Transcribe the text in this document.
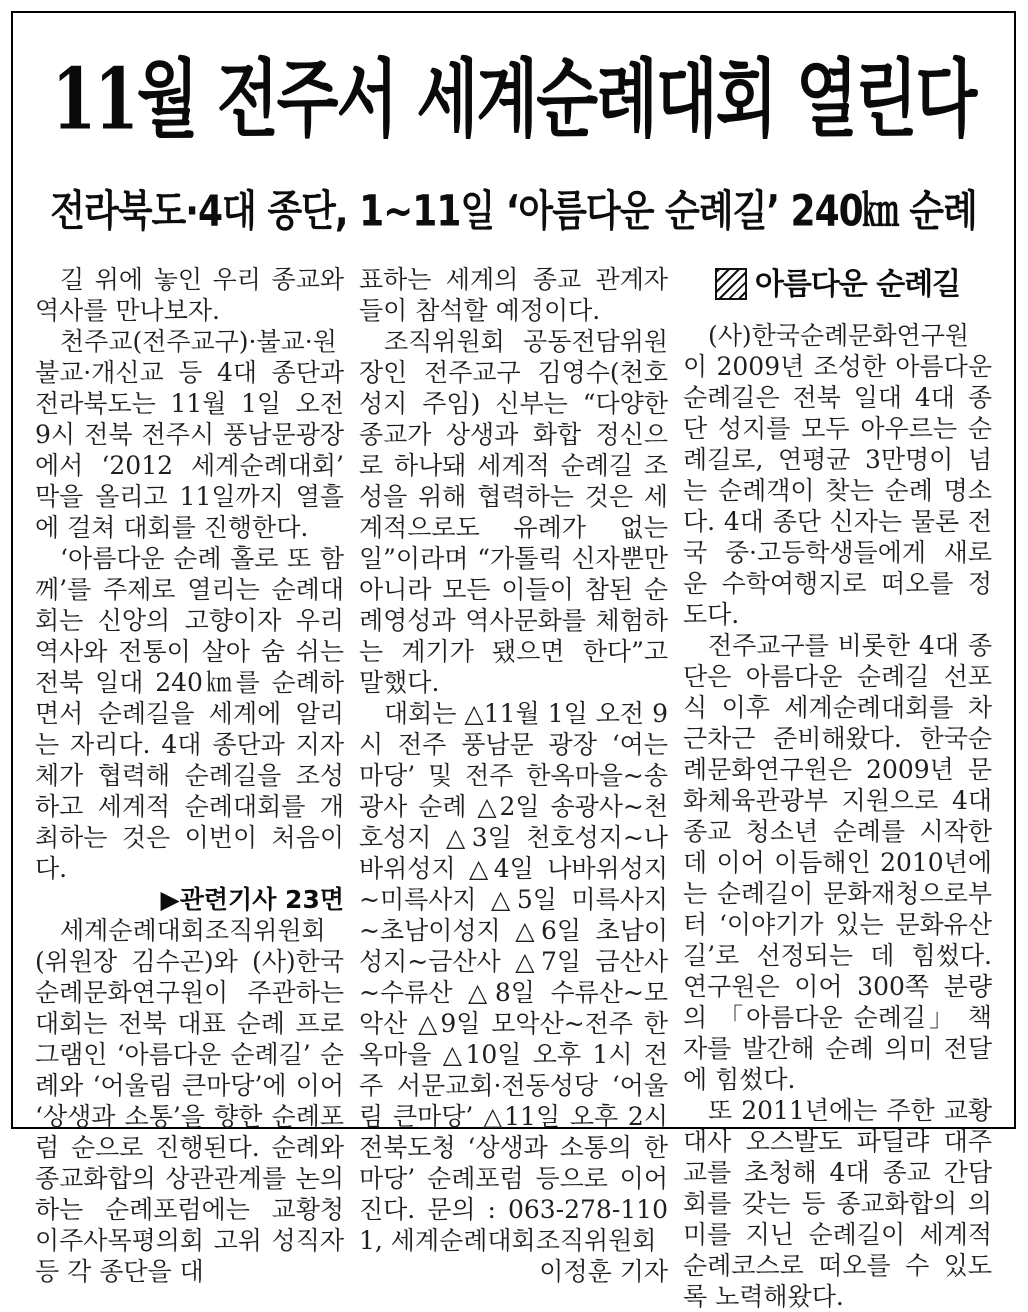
11월 전주서 세계순례대회 열린다
전라북도·4대 종단, 1~11일 ‘아름다운 순례길’ 240㎞ 순례

길 위에 놓인 우리 종교와 역사를 만나보자.

천주교(전주교구)·불교·원불교·개신교 등 4대 종단과 전라북도는 11월 1일 오전 9시 전북 전주시 풍남문광장에서 ‘2012 세계순례대회’ 막을 올리고 11일까지 열흘에 걸쳐 대회를 진행한다.

‘아름다운 순례 홀로 또 함께’를 주제로 열리는 순례대회는 신앙의 고향이자 우리 역사와 전통이 살아 숨 쉬는 전북 일대 240㎞를 순례하면서 순례길을 세계에 알리는 자리다. 4대 종단과 지자체가 협력해 순례길을 조성하고 세계적 순례대회를 개최하는 것은 이번이 처음이다.

▶관련기사 23면

세계순례대회조직위원회(위원장 김수곤)와 (사)한국순례문화연구원이 주관하는 대회는 전북 대표 순례 프로그램인 ‘아름다운 순례길’ 순례와 ‘어울림 큰마당’에 이어 ‘상생과 소통’을 향한 순례포럼 순으로 진행된다. 순례와 종교화합의 상관관계를 논의하는 순례포럼에는 교황청 이주사목평의회 고위 성직자 등 각 종단을 대

표하는 세계의 종교 관계자들이 참석할 예정이다.

조직위원회 공동전담위원장인 전주교구 김영수(천호성지 주임) 신부는 “다양한 종교가 상생과 화합 정신으로 하나돼 세계적 순례길 조성을 위해 협력하는 것은 세계적으로도 유례가 없는 일”이라며 “가톨릭 신자뿐만 아니라 모든 이들이 참된 순례영성과 역사문화를 체험하는 계기가 됐으면 한다”고 말했다.

대회는 △11월 1일 오전 9시 전주 풍남문 광장 ‘여는 마당’ 및 전주 한옥마을~송광사 순례 △2일 송광사~천호성지 △3일 천호성지~나바위성지 △4일 나바위성지~미륵사지 △5일 미륵사지~초남이성지 △6일 초남이성지~금산사 △7일 금산사~수류산 △8일 수류산~모악산 △9일 모악산~전주 한옥마을 △10일 오후 1시 전주 서문교회·전동성당 ‘어울림 큰마당’ △11일 오후 2시 전북도청 ‘상생과 소통의 한마당’ 순례포럼 등으로 이어진다. 문의 : 063-278-1101, 세계순례대회조직위원회

이정훈 기자

아름다운 순례길

(사)한국순례문화연구원이 2009년 조성한 아름다운 순례길은 전북 일대 4대 종단 성지를 모두 아우르는 순례길로, 연평균 3만명이 넘는 순례객이 찾는 순례 명소다. 4대 종단 신자는 물론 전국 중·고등학생들에게 새로운 수학여행지로 떠오를 정도다.

전주교구를 비롯한 4대 종단은 아름다운 순례길 선포식 이후 세계순례대회를 차근차근 준비해왔다. 한국순례문화연구원은 2009년 문화체육관광부 지원으로 4대 종교 청소년 순례를 시작한 데 이어 이듬해인 2010년에는 순례길이 문화재청으로부터 ‘이야기가 있는 문화유산길’로 선정되는 데 힘썼다. 연구원은 이어 300쪽 분량의 「아름다운 순례길」 책자를 발간해 순례 의미 전달에 힘썼다.

또 2011년에는 주한 교황대사 오스발도 파딜랴 대주교를 초청해 4대 종교 간담회를 갖는 등 종교화합의 의미를 지닌 순례길이 세계적 순례코스로 떠오를 수 있도록 노력해왔다.
